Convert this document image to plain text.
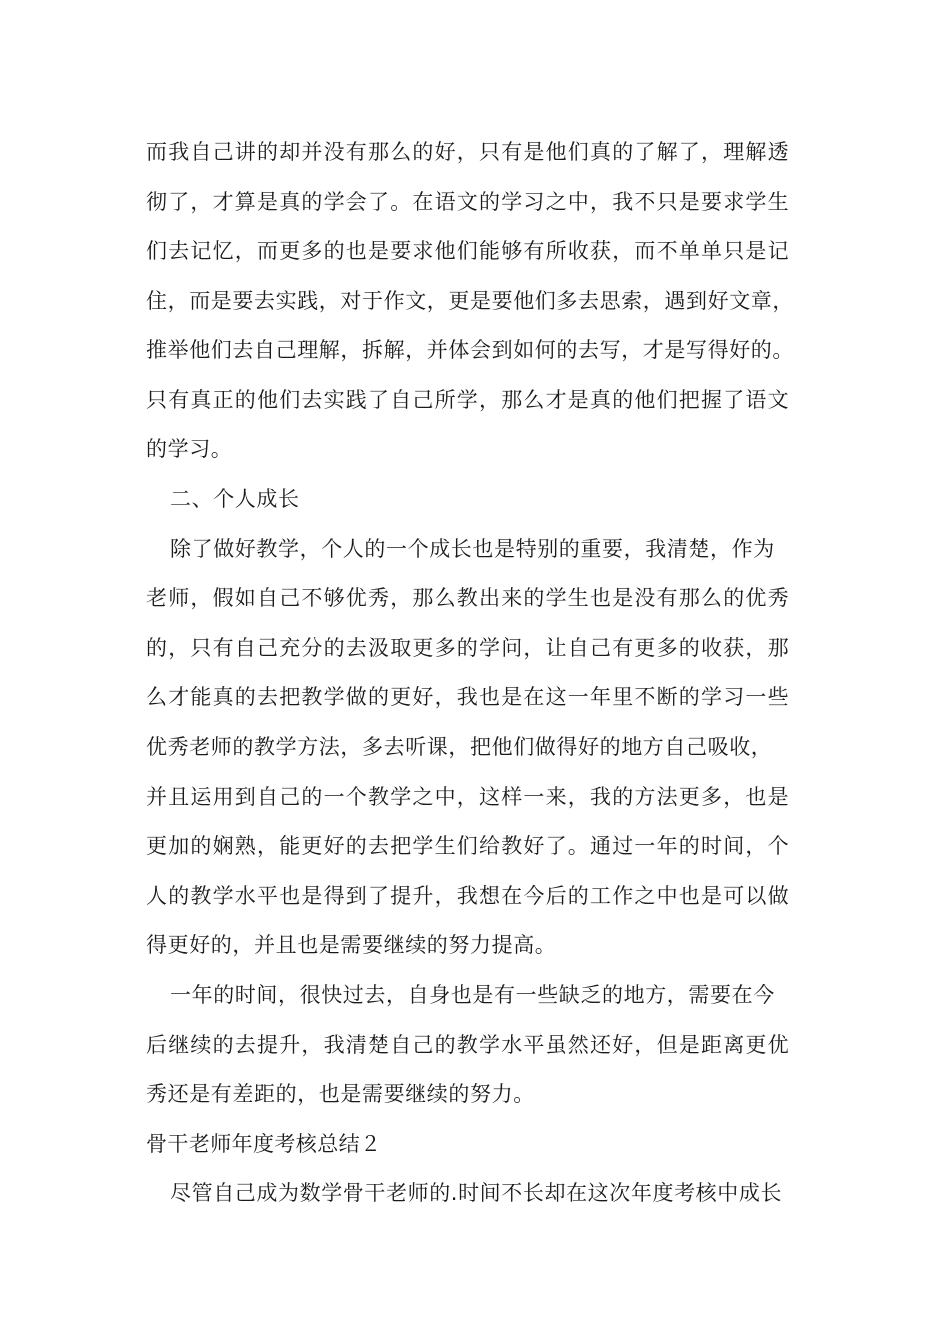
而我自己讲的却并没有那么的好，只有是他们真的了解了，理解透
彻了，才算是真的学会了。在语文的学习之中，我不只是要求学生
们去记忆，而更多的也是要求他们能够有所收获，而不单单只是记
住，而是要去实践，对于作文，更是要他们多去思索，遇到好文章，
推举他们去自己理解，拆解，并体会到如何的去写，才是写得好的。
只有真正的他们去实践了自己所学，那么才是真的他们把握了语文
的学习。
二、个人成长
除了做好教学，个人的一个成长也是特别的重要，我清楚，作为
老师，假如自己不够优秀，那么教出来的学生也是没有那么的优秀
的，只有自己充分的去汲取更多的学问，让自己有更多的收获，那
么才能真的去把教学做的更好，我也是在这一年里不断的学习一些
优秀老师的教学方法，多去听课，把他们做得好的地方自己吸收，
并且运用到自己的一个教学之中，这样一来，我的方法更多，也是
更加的娴熟，能更好的去把学生们给教好了。通过一年的时间，个
人的教学水平也是得到了提升，我想在今后的工作之中也是可以做
得更好的，并且也是需要继续的努力提高。
一年的时间，很快过去，自身也是有一些缺乏的地方，需要在今
后继续的去提升，我清楚自己的教学水平虽然还好，但是距离更优
秀还是有差距的，也是需要继续的努力。
骨干老师年度考核总结２
尽管自己成为数学骨干老师的.时间不长却在这次年度考核中成长
